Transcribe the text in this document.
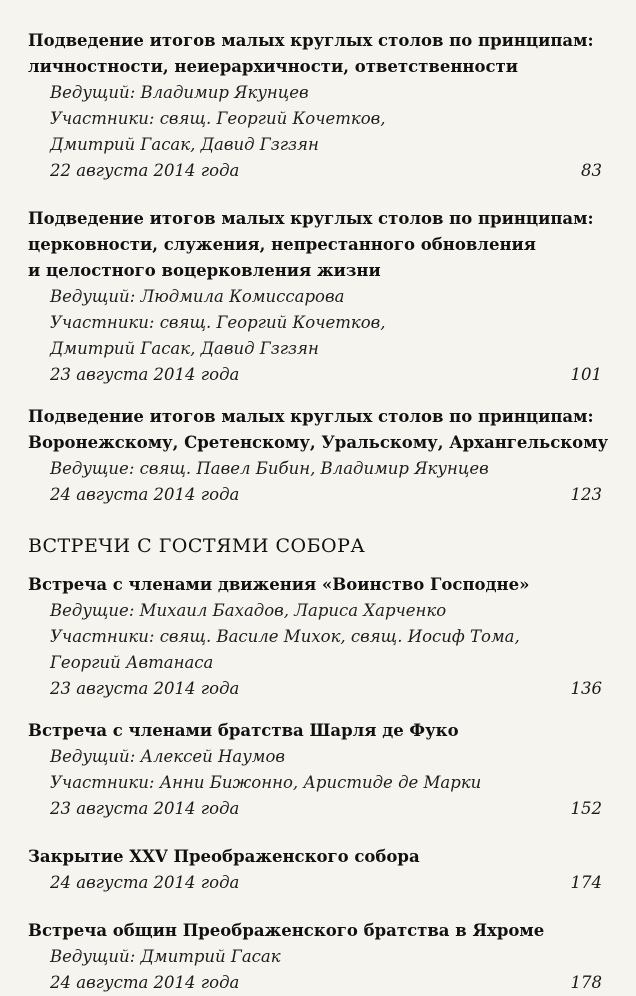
Подведение итогов малых круглых столов по принципам:
личностности, неиерархичности, ответственности
Ведущий: Владимир Якунцев
Участники: свящ. Георгий Кочетков,
Дмитрий Гасак, Давид Гзгзян
22 августа 2014 года	83
Подведение итогов малых круглых столов по принципам:
церковности, служения, непрестанного обновления
и целостного воцерковления жизни
Ведущий: Людмила Комиссарова
Участники: свящ. Георгий Кочетков,
Дмитрий Гасак, Давид Гзгзян
23 августа 2014 года	101
Подведение итогов малых круглых столов по принципам:
Воронежскому, Сретенскому, Уральскому, Архангельскому
Ведущие: свящ. Павел Бибин, Владимир Якунцев
24 августа 2014 года	123
ВСТРЕЧИ С ГОСТЯМИ СОБОРА
Встреча с членами движения «Воинство Господне»
Ведущие: Михаил Бахадов, Лариса Харченко
Участники: свящ. Василе Михок, свящ. Иосиф Тома,
Георгий Автанаса
23 августа 2014 года	136
Встреча с членами братства Шарля де Фуко
Ведущий: Алексей Наумов
Участники: Анни Бижонно, Аристиде де Марки
23 августа 2014 года	152
Закрытие XXV Преображенского собора
24 августа 2014 года	174
Встреча общин Преображенского братства в Яхроме
Ведущий: Дмитрий Гасак
24 августа 2014 года	178
